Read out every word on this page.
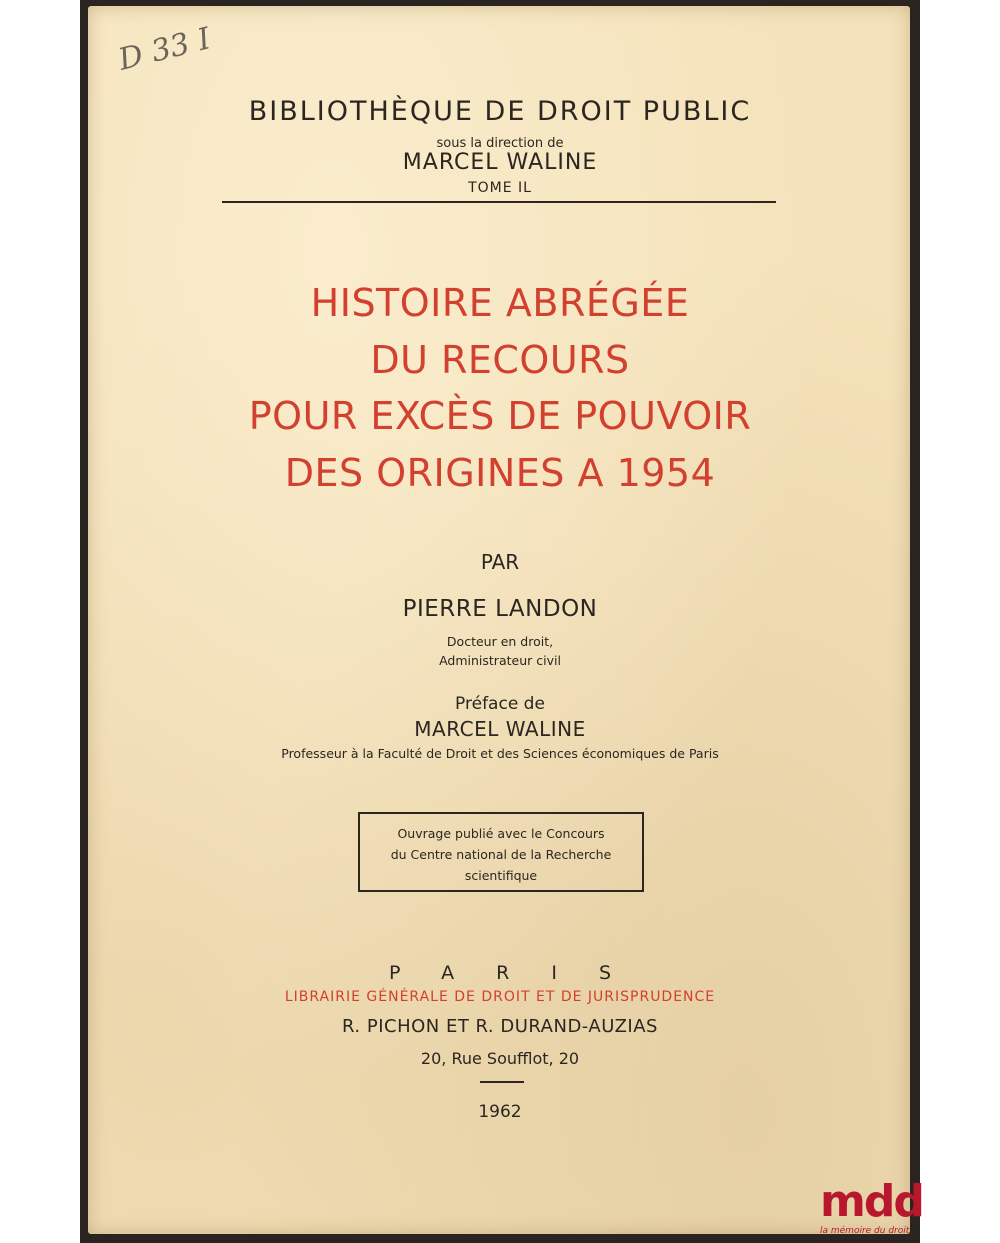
D 33 I
BIBLIOTHÈQUE DE DROIT PUBLIC
sous la direction de
MARCEL WALINE
TOME IL
HISTOIRE ABRÉGÉE
DU RECOURS
POUR EXCÈS DE POUVOIR
DES ORIGINES A 1954
PAR
PIERRE LANDON
Docteur en droit,
Administrateur civil
Préface de
MARCEL WALINE
Professeur à la Faculté de Droit et des Sciences économiques de Paris
Ouvrage publié avec le Concours
du Centre national de la Recherche
scientifique
PARIS
LIBRAIRIE GÉNÉRALE DE DROIT ET DE JURISPRUDENCE
R. PICHON ET R. DURAND-AUZIAS
20, Rue Soufflot, 20
1962
mdd
la mémoire du droit
